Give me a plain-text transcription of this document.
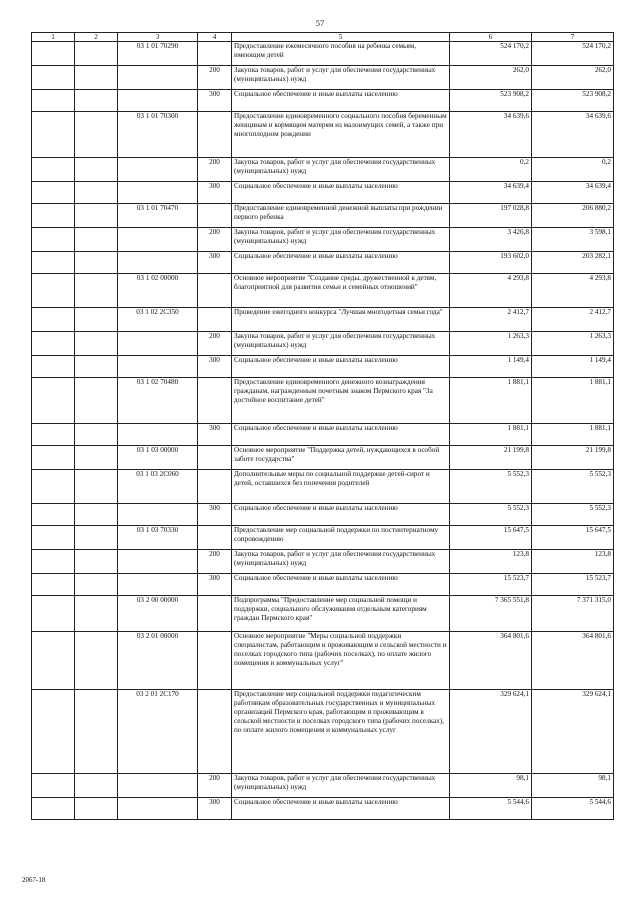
57
1	2	3	4	5	6	7
		03 1 01 70290		Предоставление ежемесячного пособия на ребенка семьям, имеющим детей	524 170,2	524 170,2
			200	Закупка товаров, работ и услуг для обеспечения государственных (муниципальных) нужд	262,0	262,0
			300	Социальное обеспечение и иные выплаты населению	523 908,2	523 908,2
		03 1 01 70300		Предоставление единовременного социального пособия беременным женщинам и кормящим матерям из малоимущих семей, а также при многоплодном рождении	34 639,6	34 639,6
			200	Закупка товаров, работ и услуг для обеспечения государственных (муниципальных) нужд	0,2	0,2
			300	Социальное обеспечение и иные выплаты населению	34 639,4	34 639,4
		03 1 01 70470		Предоставление единовременной денежной выплаты при рождении первого ребенка	197 028,8	206 880,2
			200	Закупка товаров, работ и услуг для обеспечения государственных (муниципальных) нужд	3 426,8	3 598,1
			300	Социальное обеспечение и иные выплаты населению	193 602,0	203 282,1
		03 1 02 00000		Основное мероприятие "Создание среды, дружественной к детям, благоприятной для развития семьи и семейных отношений"	4 293,8	4 293,8
		03 1 02 2С350		Проведение ежегодного конкурса "Лучшая многодетная семья года"	2 412,7	2 412,7
			200	Закупка товаров, работ и услуг для обеспечения государственных (муниципальных) нужд	1 263,3	1 263,3
			300	Социальное обеспечение и иные выплаты населению	1 149,4	1 149,4
		03 1 02 70480		Предоставление единовременного денежного вознаграждения гражданам, награжденным почетным знаком Пермского края "За достойное воспитание детей"	1 881,1	1 881,1
			300	Социальное обеспечение и иные выплаты населению	1 881,1	1 881,1
		03 1 03 00000		Основное мероприятие "Поддержка детей, нуждающихся в особой заботе государства"	21 199,8	21 199,8
		03 1 03 2С060		Дополнительные меры по социальной поддержке детей-сирот и детей, оставшихся без попечения родителей	5 552,3	5 552,3
			300	Социальное обеспечение и иные выплаты населению	5 552,3	5 552,3
		03 1 03 70330		Предоставление мер социальной поддержки по постинтернатному сопровождению	15 647,5	15 647,5
			200	Закупка товаров, работ и услуг для обеспечения государственных (муниципальных) нужд	123,8	123,8
			300	Социальное обеспечение и иные выплаты населению	15 523,7	15 523,7
		03 2 00 00000		Подпрограмма "Предоставление мер социальной помощи и поддержки, социального обслуживания отдельным категориям граждан Пермского края"	7 365 551,8	7 371 315,0
		03 2 01 00000		Основное мероприятие "Меры социальной поддержки специалистам, работающим и проживающим в сельской местности и поселках городского типа (рабочих поселках), по оплате жилого помещения и коммунальных услуг"	364 801,6	364 801,6
		03 2 01 2С170		Предоставление мер социальной поддержки педагогическим работникам образовательных государственных и муниципальных организаций Пермского края, работающим и проживающим в сельской местности и поселках городского типа (рабочих поселках), по оплате жилого помещения и коммунальных услуг	329 624,1	329 624,1
			200	Закупка товаров, работ и услуг для обеспечения государственных (муниципальных) нужд	98,1	98,1
			300	Социальное обеспечение и иные выплаты населению	5 544,6	5 544,6
2067-18
